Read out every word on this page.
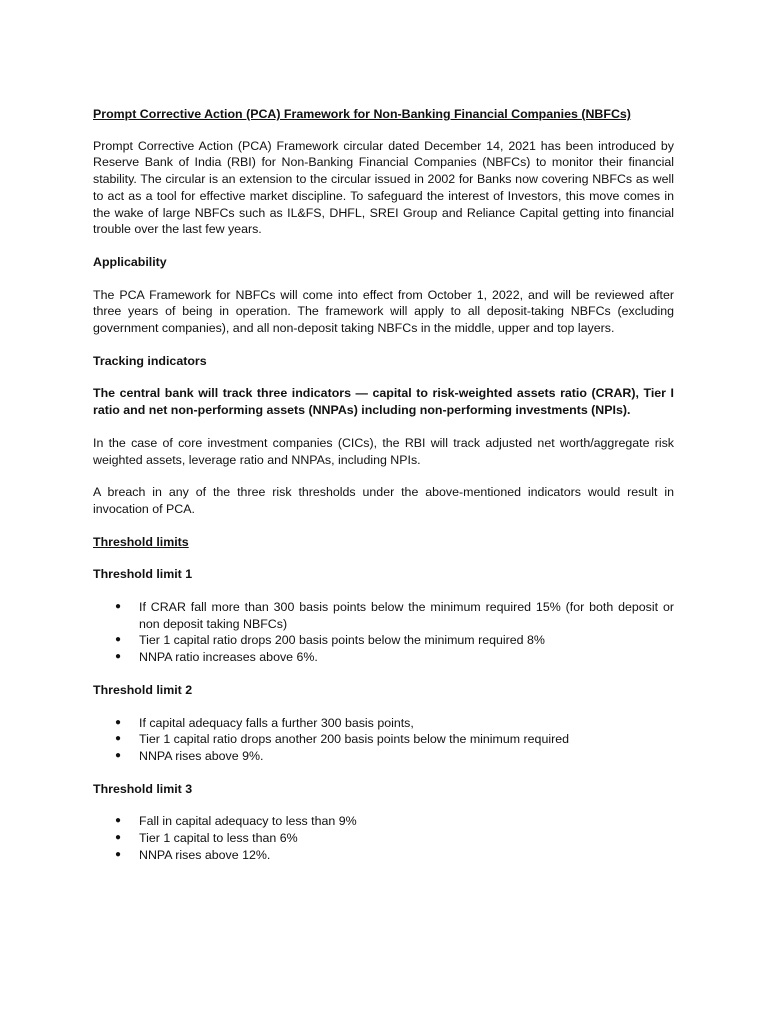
Prompt Corrective Action (PCA) Framework for Non-Banking Financial Companies (NBFCs)

Prompt Corrective Action (PCA) Framework circular dated December 14, 2021 has been introduced by Reserve Bank of India (RBI) for Non-Banking Financial Companies (NBFCs) to monitor their financial stability. The circular is an extension to the circular issued in 2002 for Banks now covering NBFCs as well to act as a tool for effective market discipline. To safeguard the interest of Investors, this move comes in the wake of large NBFCs such as IL&FS, DHFL, SREI Group and Reliance Capital getting into financial trouble over the last few years.

Applicability

The PCA Framework for NBFCs will come into effect from October 1, 2022, and will be reviewed after three years of being in operation. The framework will apply to all deposit-taking NBFCs (excluding government companies), and all non-deposit taking NBFCs in the middle, upper and top layers.

Tracking indicators

The central bank will track three indicators — capital to risk-weighted assets ratio (CRAR), Tier I ratio and net non-performing assets (NNPAs) including non-performing investments (NPIs).

In the case of core investment companies (CICs), the RBI will track adjusted net worth/aggregate risk weighted assets, leverage ratio and NNPAs, including NPIs.

A breach in any of the three risk thresholds under the above-mentioned indicators would result in invocation of PCA.

Threshold limits
Threshold limit 1
● If CRAR fall more than 300 basis points below the minimum required 15% (for both deposit or non deposit taking NBFCs)
● Tier 1 capital ratio drops 200 basis points below the minimum required 8%
● NNPA ratio increases above 6%.
Threshold limit 2
● If capital adequacy falls a further 300 basis points,
● Tier 1 capital ratio drops another 200 basis points below the minimum required
● NNPA rises above 9%.
Threshold limit 3
● Fall in capital adequacy to less than 9%
● Tier 1 capital to less than 6%
● NNPA rises above 12%.
